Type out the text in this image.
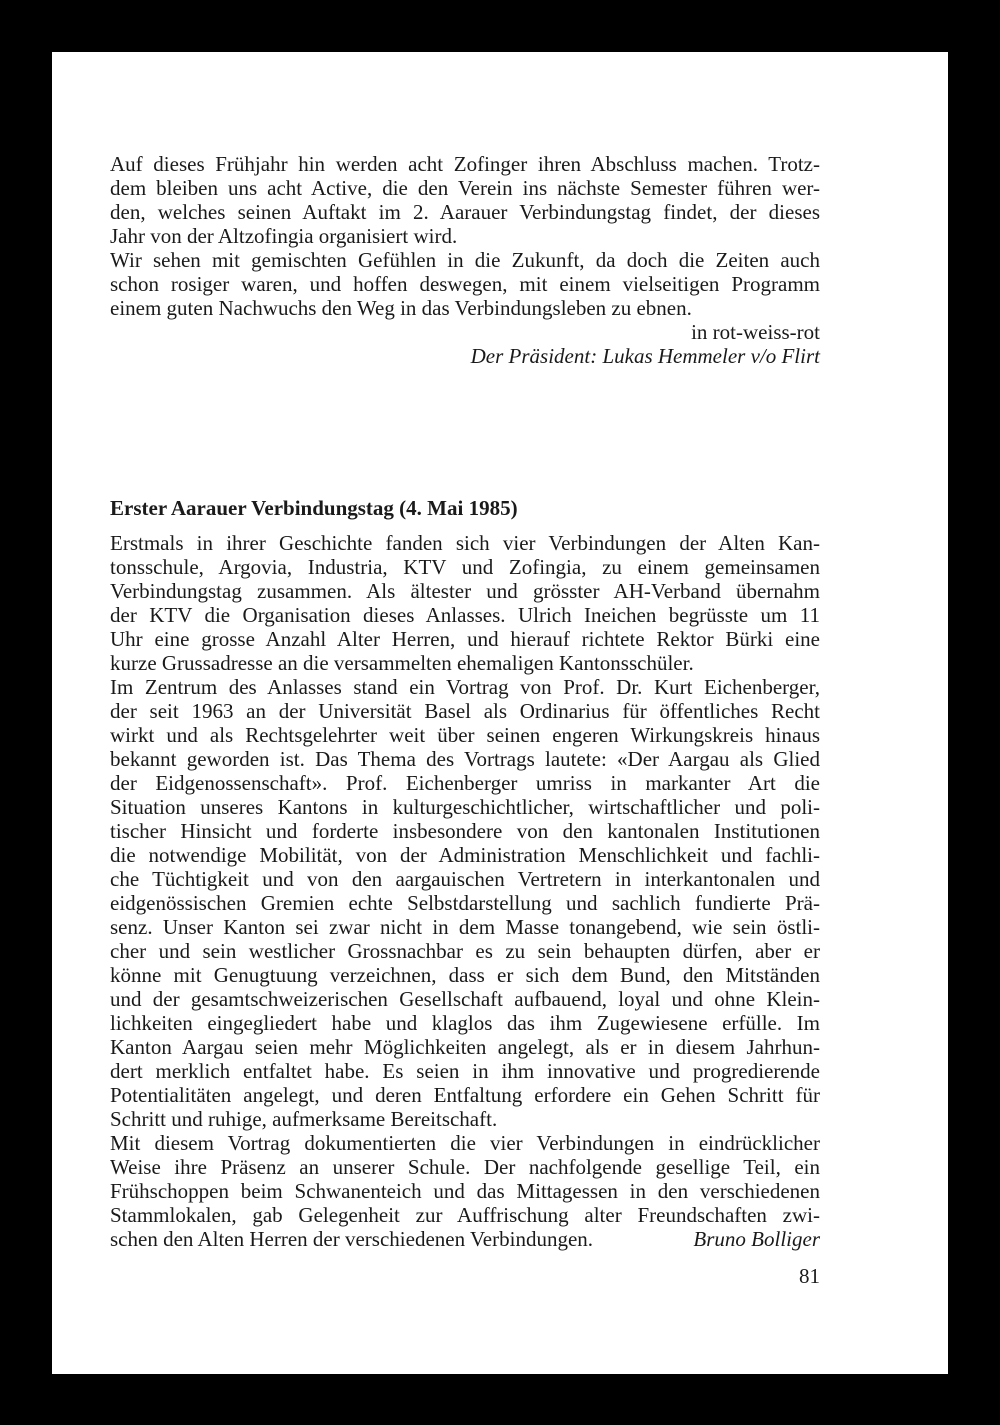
Auf dieses Frühjahr hin werden acht Zofinger ihren Abschluss machen. Trotz-
dem bleiben uns acht Active, die den Verein ins nächste Semester führen wer-
den, welches seinen Auftakt im 2. Aarauer Verbindungstag findet, der dieses
Jahr von der Altzofingia organisiert wird.
Wir sehen mit gemischten Gefühlen in die Zukunft, da doch die Zeiten auch
schon rosiger waren, und hoffen deswegen, mit einem vielseitigen Programm
einem guten Nachwuchs den Weg in das Verbindungsleben zu ebnen.
in rot-weiss-rot
Der Präsident: Lukas Hemmeler v/o Flirt
Erster Aarauer Verbindungstag (4. Mai 1985)
Erstmals in ihrer Geschichte fanden sich vier Verbindungen der Alten Kan-
tonsschule, Argovia, Industria, KTV und Zofingia, zu einem gemeinsamen
Verbindungstag zusammen. Als ältester und grösster AH-Verband übernahm
der KTV die Organisation dieses Anlasses. Ulrich Ineichen begrüsste um 11
Uhr eine grosse Anzahl Alter Herren, und hierauf richtete Rektor Bürki eine
kurze Grussadresse an die versammelten ehemaligen Kantonsschüler.
Im Zentrum des Anlasses stand ein Vortrag von Prof. Dr. Kurt Eichenberger,
der seit 1963 an der Universität Basel als Ordinarius für öffentliches Recht
wirkt und als Rechtsgelehrter weit über seinen engeren Wirkungskreis hinaus
bekannt geworden ist. Das Thema des Vortrags lautete: «Der Aargau als Glied
der Eidgenossenschaft». Prof. Eichenberger umriss in markanter Art die
Situation unseres Kantons in kulturgeschichtlicher, wirtschaftlicher und poli-
tischer Hinsicht und forderte insbesondere von den kantonalen Institutionen
die notwendige Mobilität, von der Administration Menschlichkeit und fachli-
che Tüchtigkeit und von den aargauischen Vertretern in interkantonalen und
eidgenössischen Gremien echte Selbstdarstellung und sachlich fundierte Prä-
senz. Unser Kanton sei zwar nicht in dem Masse tonangebend, wie sein östli-
cher und sein westlicher Grossnachbar es zu sein behaupten dürfen, aber er
könne mit Genugtuung verzeichnen, dass er sich dem Bund, den Mitständen
und der gesamtschweizerischen Gesellschaft aufbauend, loyal und ohne Klein-
lichkeiten eingegliedert habe und klaglos das ihm Zugewiesene erfülle. Im
Kanton Aargau seien mehr Möglichkeiten angelegt, als er in diesem Jahrhun-
dert merklich entfaltet habe. Es seien in ihm innovative und progredierende
Potentialitäten angelegt, und deren Entfaltung erfordere ein Gehen Schritt für
Schritt und ruhige, aufmerksame Bereitschaft.
Mit diesem Vortrag dokumentierten die vier Verbindungen in eindrücklicher
Weise ihre Präsenz an unserer Schule. Der nachfolgende gesellige Teil, ein
Frühschoppen beim Schwanenteich und das Mittagessen in den verschiedenen
Stammlokalen, gab Gelegenheit zur Auffrischung alter Freundschaften zwi-
schen den Alten Herren der verschiedenen Verbindungen.	Bruno Bolliger
81
